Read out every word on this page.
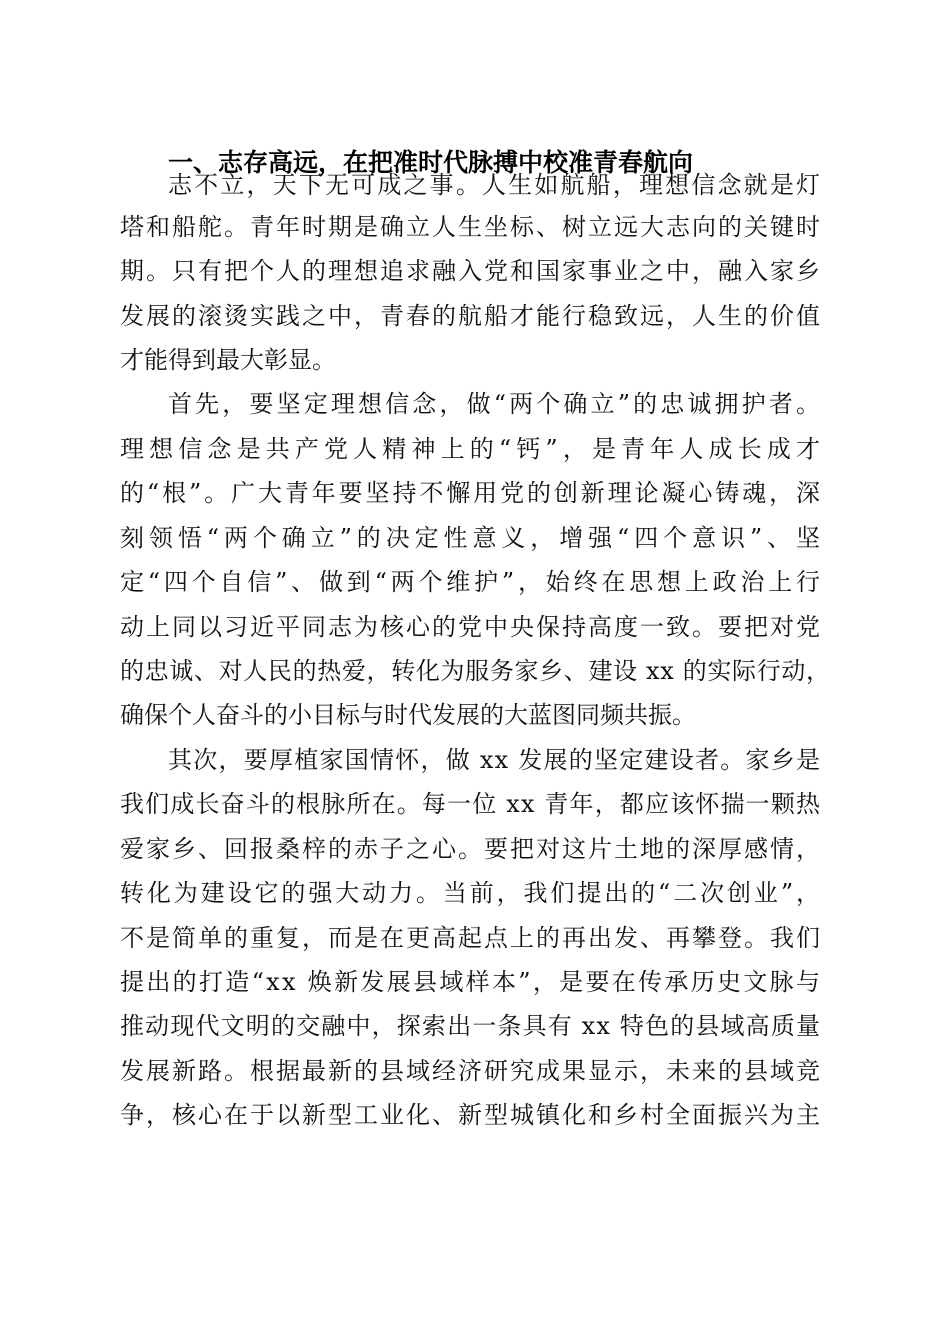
一、志存高远，在把准时代脉搏中校准青春航向
志不立，天下无可成之事。人生如航船，理想信念就是灯
塔和船舵。青年时期是确立人生坐标、树立远大志向的关键时
期。只有把个人的理想追求融入党和国家事业之中，融入家乡
发展的滚烫实践之中，青春的航船才能行稳致远，人生的价值
才能得到最大彰显。
首先，要坚定理想信念，做“两个确立”的忠诚拥护者。
理想信念是共产党人精神上的“钙”，是青年人成长成才
的“根”。广大青年要坚持不懈用党的创新理论凝心铸魂，深
刻领悟“两个确立”的决定性意义，增强“四个意识”、坚
定“四个自信”、做到“两个维护”，始终在思想上政治上行
动上同以习近平同志为核心的党中央保持高度一致。要把对党
的忠诚、对人民的热爱，转化为服务家乡、建设 xx 的实际行动，
确保个人奋斗的小目标与时代发展的大蓝图同频共振。
其次，要厚植家国情怀，做 xx 发展的坚定建设者。家乡是
我们成长奋斗的根脉所在。每一位 xx 青年，都应该怀揣一颗热
爱家乡、回报桑梓的赤子之心。要把对这片土地的深厚感情，
转化为建设它的强大动力。当前，我们提出的“二次创业”，
不是简单的重复，而是在更高起点上的再出发、再攀登。我们
提出的打造“xx 焕新发展县域样本”，是要在传承历史文脉与
推动现代文明的交融中，探索出一条具有 xx 特色的县域高质量
发展新路。根据最新的县域经济研究成果显示，未来的县域竞
争，核心在于以新型工业化、新型城镇化和乡村全面振兴为主
